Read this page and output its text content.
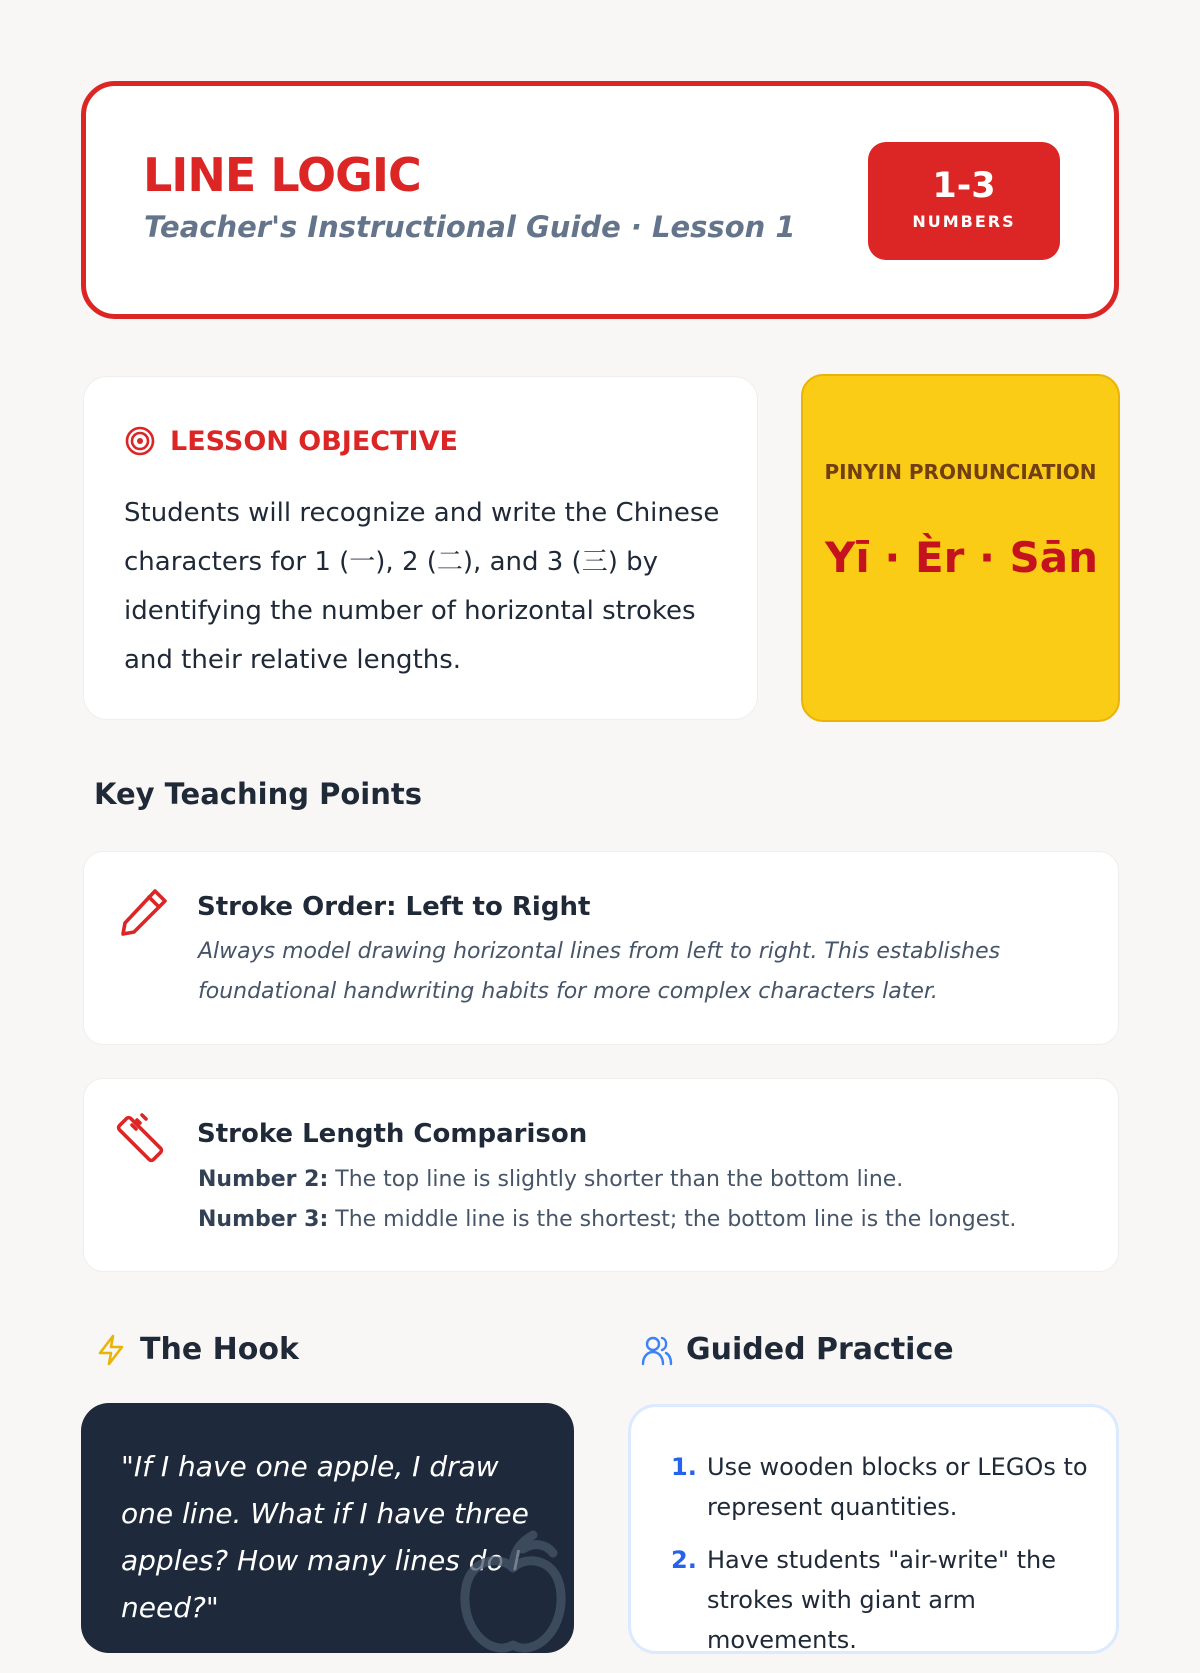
LINE LOGIC
Teacher's Instructional Guide · Lesson 1
1-3
NUMBERS
LESSON OBJECTIVE
Students will recognize and write the Chinese characters for 1 (一), 2 (二), and 3 (三) by identifying the number of horizontal strokes and their relative lengths.
PINYIN PRONUNCIATION
Yī · Èr · Sān
Key Teaching Points
Stroke Order: Left to Right
Always model drawing horizontal lines from left to right. This establishes foundational handwriting habits for more complex characters later.
Stroke Length Comparison
Number 2: The top line is slightly shorter than the bottom line.
Number 3: The middle line is the shortest; the bottom line is the longest.
The Hook
"If I have one apple, I draw one line. What if I have three apples? How many lines do I need?"
Guided Practice
1. Use wooden blocks or LEGOs to represent quantities.
2. Have students "air-write" the strokes with giant arm movements.
